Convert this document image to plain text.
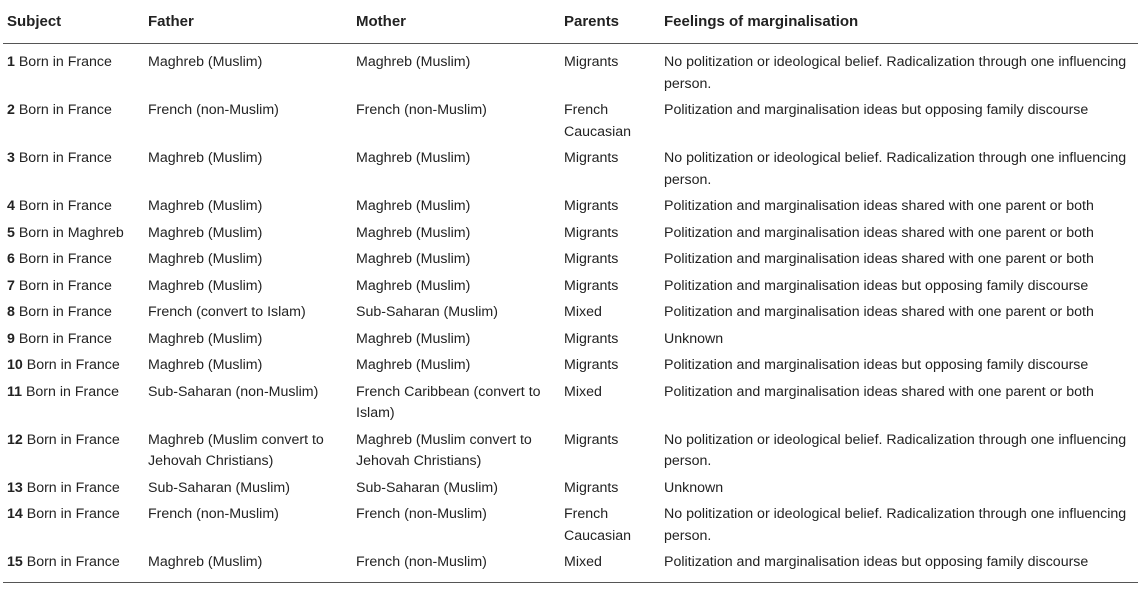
Subject	Father	Mother	Parents	Feelings of marginalisation
1 Born in France	Maghreb (Muslim)	Maghreb (Muslim)	Migrants	No politization or ideological belief. Radicalization through one influencing person.
2 Born in France	French (non-Muslim)	French (non-Muslim)	French Caucasian	Politization and marginalisation ideas but opposing family discourse
3 Born in France	Maghreb (Muslim)	Maghreb (Muslim)	Migrants	No politization or ideological belief. Radicalization through one influencing person.
4 Born in France	Maghreb (Muslim)	Maghreb (Muslim)	Migrants	Politization and marginalisation ideas shared with one parent or both
5 Born in Maghreb	Maghreb (Muslim)	Maghreb (Muslim)	Migrants	Politization and marginalisation ideas shared with one parent or both
6 Born in France	Maghreb (Muslim)	Maghreb (Muslim)	Migrants	Politization and marginalisation ideas shared with one parent or both
7 Born in France	Maghreb (Muslim)	Maghreb (Muslim)	Migrants	Politization and marginalisation ideas but opposing family discourse
8 Born in France	French (convert to Islam)	Sub-Saharan (Muslim)	Mixed	Politization and marginalisation ideas shared with one parent or both
9 Born in France	Maghreb (Muslim)	Maghreb (Muslim)	Migrants	Unknown
10 Born in France	Maghreb (Muslim)	Maghreb (Muslim)	Migrants	Politization and marginalisation ideas but opposing family discourse
11 Born in France	Sub-Saharan (non-Muslim)	French Caribbean (convert to Islam)	Mixed	Politization and marginalisation ideas shared with one parent or both
12 Born in France	Maghreb (Muslim convert to Jehovah Christians)	Maghreb (Muslim convert to Jehovah Christians)	Migrants	No politization or ideological belief. Radicalization through one influencing person.
13 Born in France	Sub-Saharan (Muslim)	Sub-Saharan (Muslim)	Migrants	Unknown
14 Born in France	French (non-Muslim)	French (non-Muslim)	French Caucasian	No politization or ideological belief. Radicalization through one influencing person.
15 Born in France	Maghreb (Muslim)	French (non-Muslim)	Mixed	Politization and marginalisation ideas but opposing family discourse
